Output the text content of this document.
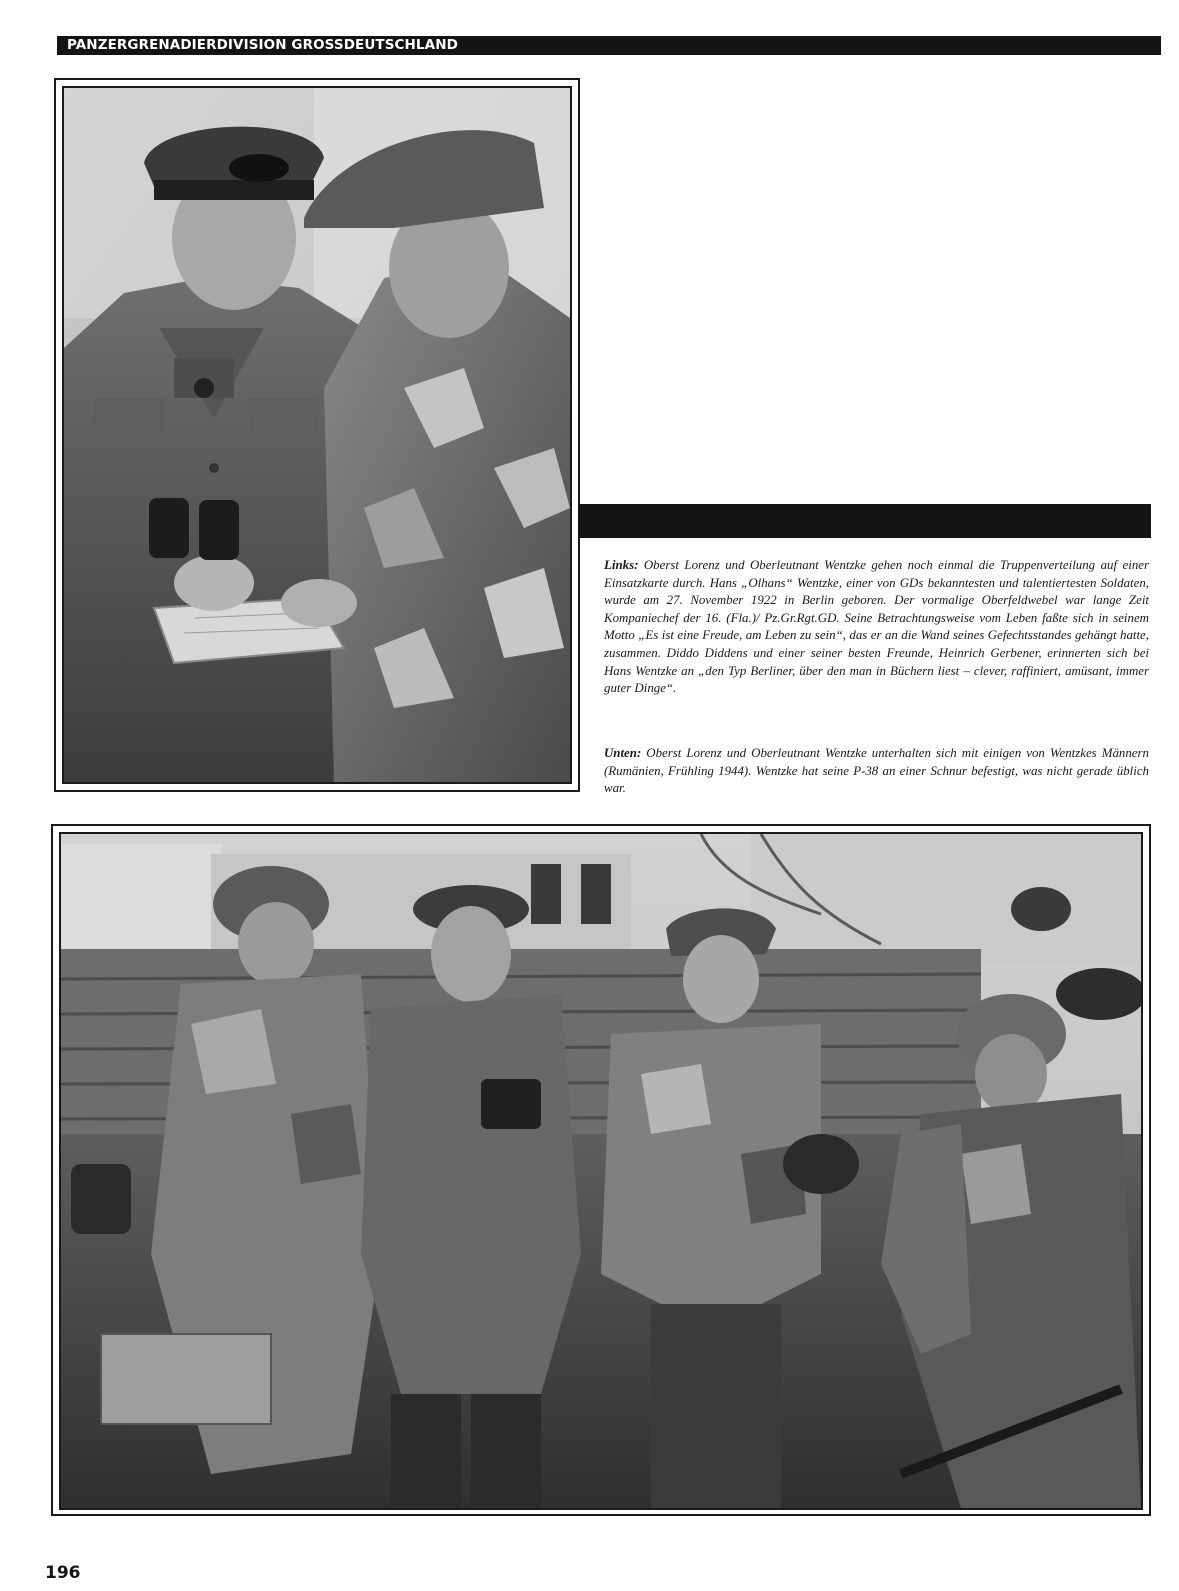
PANZERGRENADIERDIVISION GROSSDEUTSCHLAND

Links: Oberst Lorenz und Oberleutnant Wentzke gehen noch einmal die Truppenverteilung auf einer Einsatzkarte durch. Hans „Olhans“ Wentzke, einer von GDs bekanntesten und talentiertesten Soldaten, wurde am 27. November 1922 in Berlin geboren. Der vormalige Oberfeldwebel war lange Zeit Kompaniechef der 16. (Fla.)/ Pz.Gr.Rgt.GD. Seine Betrachtungsweise vom Leben faßte sich in seinem Motto „Es ist eine Freude, am Leben zu sein“, das er an die Wand seines Gefechtsstandes gehängt hatte, zusammen. Diddo Diddens und einer seiner besten Freunde, Heinrich Gerbener, erinnerten sich bei Hans Wentzke an „den Typ Berliner, über den man in Büchern liest – clever, raffiniert, amüsant, immer guter Dinge“.

Unten: Oberst Lorenz und Oberleutnant Wentzke unterhalten sich mit einigen von Wentzkes Männern (Rumänien, Frühling 1944). Wentzke hat seine P-38 an einer Schnur befestigt, was nicht gerade üblich war.

196
